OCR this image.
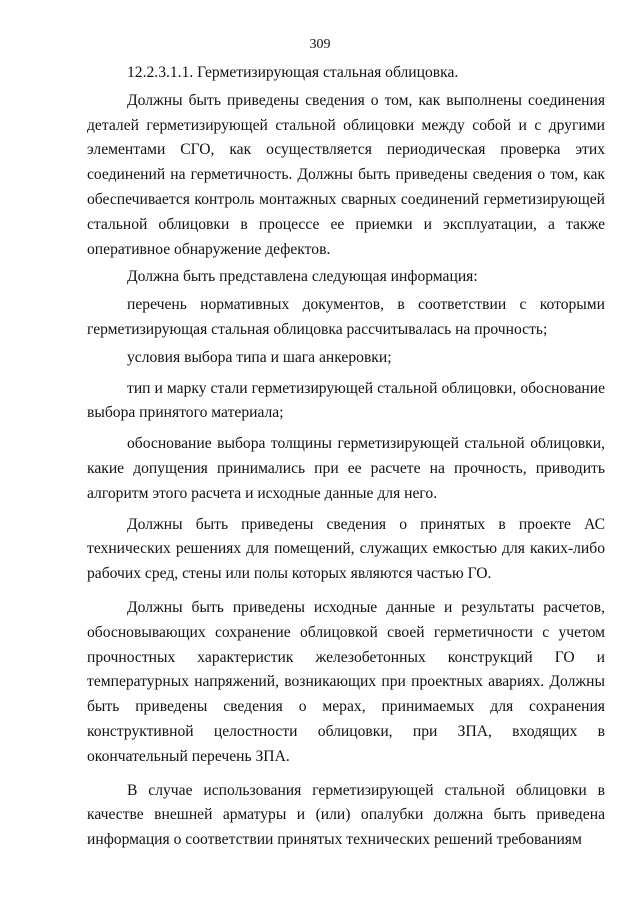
309

12.2.3.1.1. Герметизирующая стальная облицовка.

Должны быть приведены сведения о том, как выполнены соединения деталей герметизирующей стальной облицовки между собой и с другими элементами СГО, как осуществляется периодическая проверка этих соединений на герметичность. Должны быть приведены сведения о том, как обеспечивается контроль монтажных сварных соединений герметизирующей стальной облицовки в процессе ее приемки и эксплуатации, а также оперативное обнаружение дефектов.

Должна быть представлена следующая информация:

перечень нормативных документов, в соответствии с которыми герметизирующая стальная облицовка рассчитывалась на прочность;

условия выбора типа и шага анкеровки;

тип и марку стали герметизирующей стальной облицовки, обоснование выбора принятого материала;

обоснование выбора толщины герметизирующей стальной облицовки, какие допущения принимались при ее расчете на прочность, приводить алгоритм этого расчета и исходные данные для него.

Должны быть приведены сведения о принятых в проекте АС технических решениях для помещений, служащих емкостью для каких-либо рабочих сред, стены или полы которых являются частью ГО.

Должны быть приведены исходные данные и результаты расчетов, обосновывающих сохранение облицовкой своей герметичности с учетом прочностных характеристик железобетонных конструкций ГО и температурных напряжений, возникающих при проектных авариях. Должны быть приведены сведения о мерах, принимаемых для сохранения конструктивной целостности облицовки, при ЗПА, входящих в окончательный перечень ЗПА.

В случае использования герметизирующей стальной облицовки в качестве внешней арматуры и (или) опалубки должна быть приведена информация о соответствии принятых технических решений требованиям
